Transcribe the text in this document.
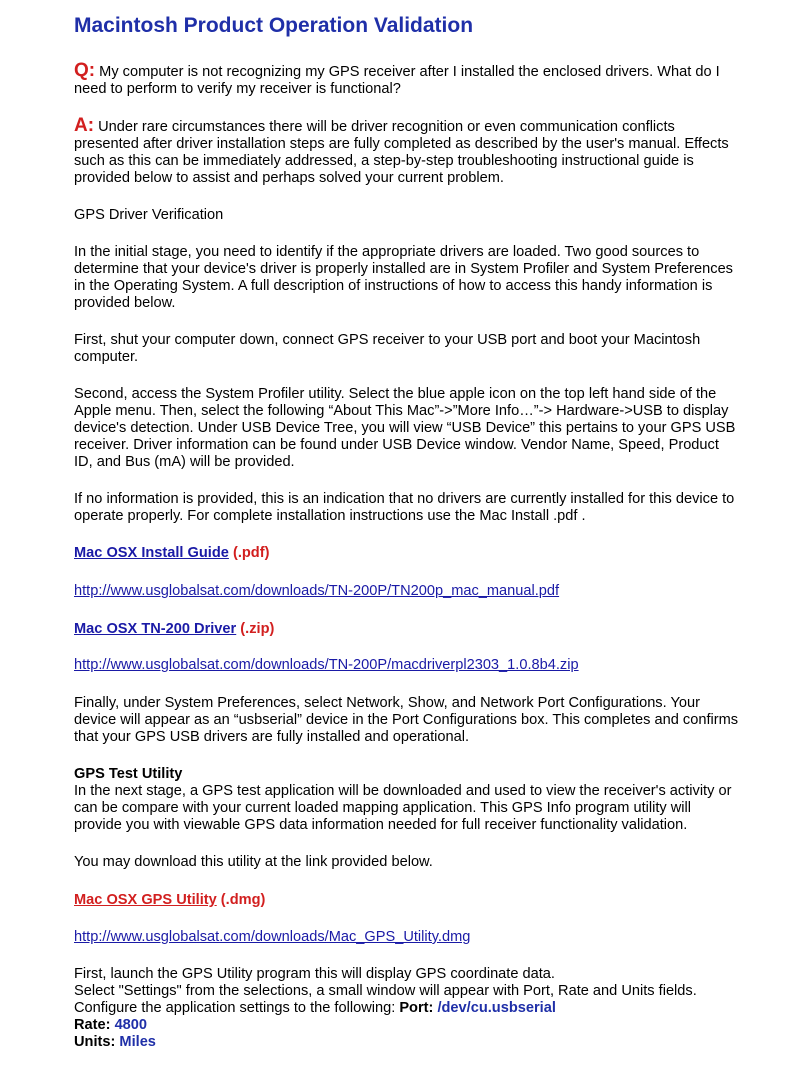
Macintosh Product Operation Validation

Q: My computer is not recognizing my GPS receiver after I installed the enclosed drivers. What do I need to perform to verify my receiver is functional?

A: Under rare circumstances there will be driver recognition or even communication conflicts presented after driver installation steps are fully completed as described by the user's manual. Effects such as this can be immediately addressed, a step-by-step troubleshooting instructional guide is provided below to assist and perhaps solved your current problem.

GPS Driver Verification

In the initial stage, you need to identify if the appropriate drivers are loaded. Two good sources to determine that your device's driver is properly installed are in System Profiler and System Preferences in the Operating System. A full description of instructions of how to access this handy information is provided below.

First, shut your computer down, connect GPS receiver to your USB port and boot your Macintosh computer.

Second, access the System Profiler utility. Select the blue apple icon on the top left hand side of the Apple menu. Then, select the following “About This Mac”->”More Info…”-> Hardware->USB to display device's detection. Under USB Device Tree, you will view “USB Device” this pertains to your GPS USB receiver. Driver information can be found under USB Device window. Vendor Name, Speed, Product ID, and Bus (mA) will be provided.

If no information is provided, this is an indication that no drivers are currently installed for this device to operate properly. For complete installation instructions use the Mac Install .pdf .

Mac OSX Install Guide (.pdf)

http://www.usglobalsat.com/downloads/TN-200P/TN200p_mac_manual.pdf

Mac OSX TN-200 Driver (.zip)

http://www.usglobalsat.com/downloads/TN-200P/macdriverpl2303_1.0.8b4.zip

Finally, under System Preferences, select Network, Show, and Network Port Configurations. Your device will appear as an “usbserial” device in the Port Configurations box. This completes and confirms that your GPS USB drivers are fully installed and operational.

GPS Test Utility

In the next stage, a GPS test application will be downloaded and used to view the receiver's activity or can be compare with your current loaded mapping application. This GPS Info program utility will provide you with viewable GPS data information needed for full receiver functionality validation.

You may download this utility at the link provided below.

Mac OSX GPS Utility (.dmg)

http://www.usglobalsat.com/downloads/Mac_GPS_Utility.dmg

First, launch the GPS Utility program this will display GPS coordinate data.

Select "Settings" from the selections, a small window will appear with Port, Rate and Units fields.

Configure the application settings to the following: Port: /dev/cu.usbserial

Rate: 4800

Units: Miles
